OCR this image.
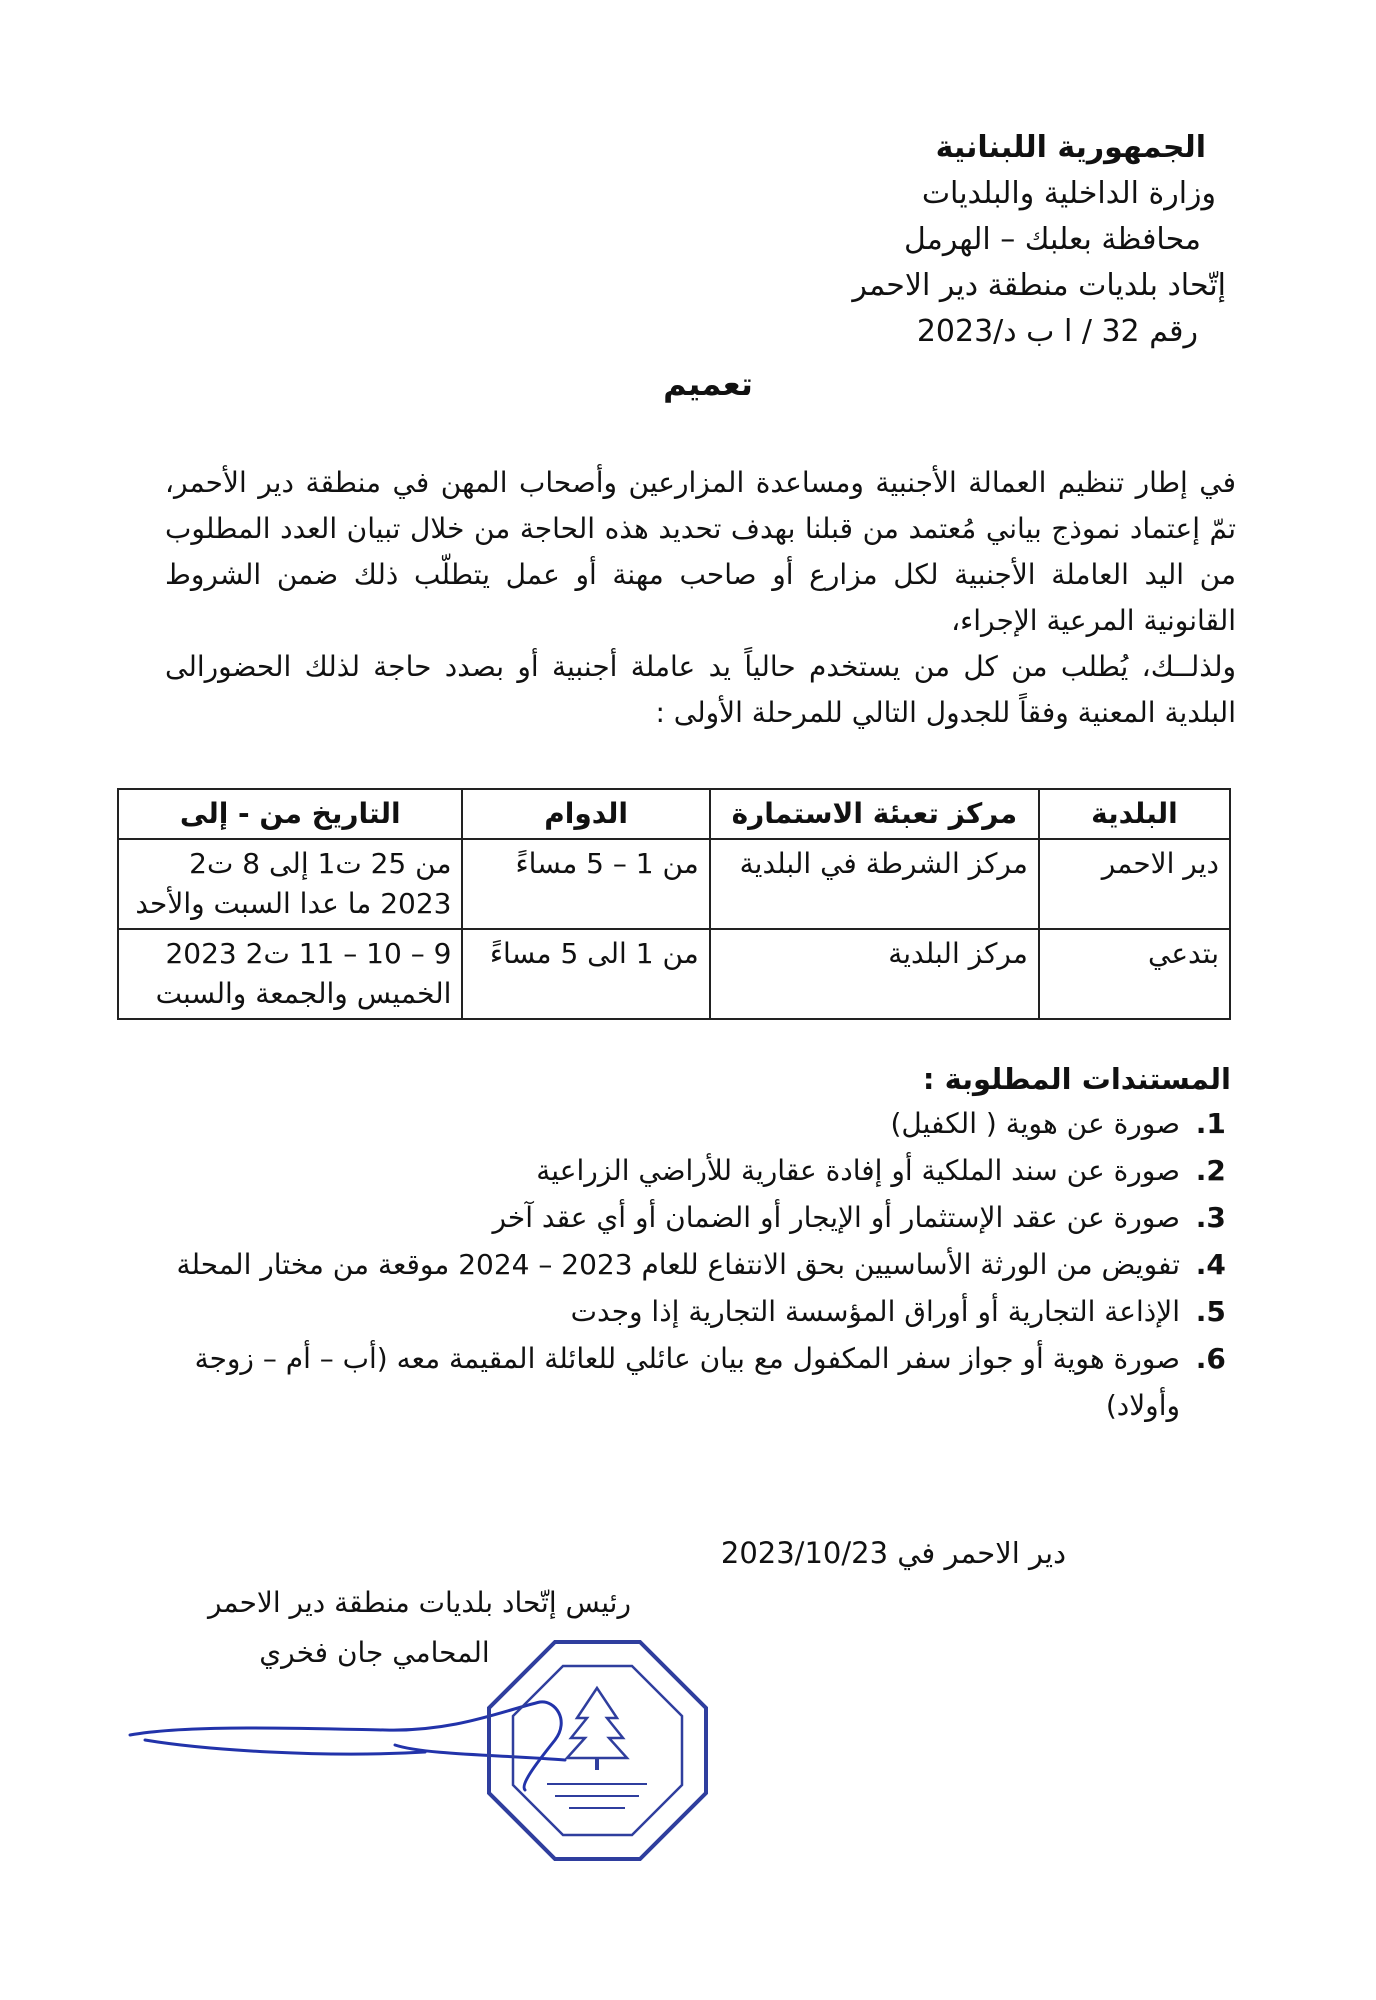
الجمهورية اللبنانية
وزارة الداخلية والبلديات
محافظة بعلبك – الهرمل
إتّحاد بلديات منطقة دير الاحمر
رقم 32 / ا ب د/2023
تعميم

في إطار تنظيم العمالة الأجنبية ومساعدة المزارعين وأصحاب المهن في منطقة دير الأحمر، تمّ إعتماد نموذج بياني مُعتمد من قبلنا بهدف تحديد هذه الحاجة من خلال تبيان العدد المطلوب من اليد العاملة الأجنبية لكل مزارع أو صاحب مهنة أو عمل يتطلّب ذلك ضمن الشروط القانونية المرعية الإجراء،

ولذلــك، يُطلب من كل من يستخدم حالياً يد عاملة أجنبية أو بصدد حاجة لذلك الحضورالى البلدية المعنية وفقاً للجدول التالي للمرحلة الأولى :

البلدية	مركز تعبئة الاستمارة	الدوام	التاريخ من - إلى
دير الاحمر	مركز الشرطة في البلدية	من 1 – 5 مساءً	من 25 ت1 إلى 8 ت2 2023 ما عدا السبت والأحد
بتدعي	مركز البلدية	من 1 الى 5 مساءً	9 – 10 – 11 ت2 2023 الخميس والجمعة والسبت
المستندات المطلوبة :
1. صورة عن هوية ( الكفيل)
2. صورة عن سند الملكية أو إفادة عقارية للأراضي الزراعية
3. صورة عن عقد الإستثمار أو الإيجار أو الضمان أو أي عقد آخر
4. تفويض من الورثة الأساسيين بحق الانتفاع للعام 2023 – 2024 موقعة من مختار المحلة
5. الإذاعة التجارية أو أوراق المؤسسة التجارية إذا وجدت
6. صورة هوية أو جواز سفر المكفول مع بيان عائلي للعائلة المقيمة معه (أب – أم – زوجة وأولاد)
دير الاحمر في 2023/10/23
رئيس إتّحاد بلديات منطقة دير الاحمر
المحامي جان فخري
